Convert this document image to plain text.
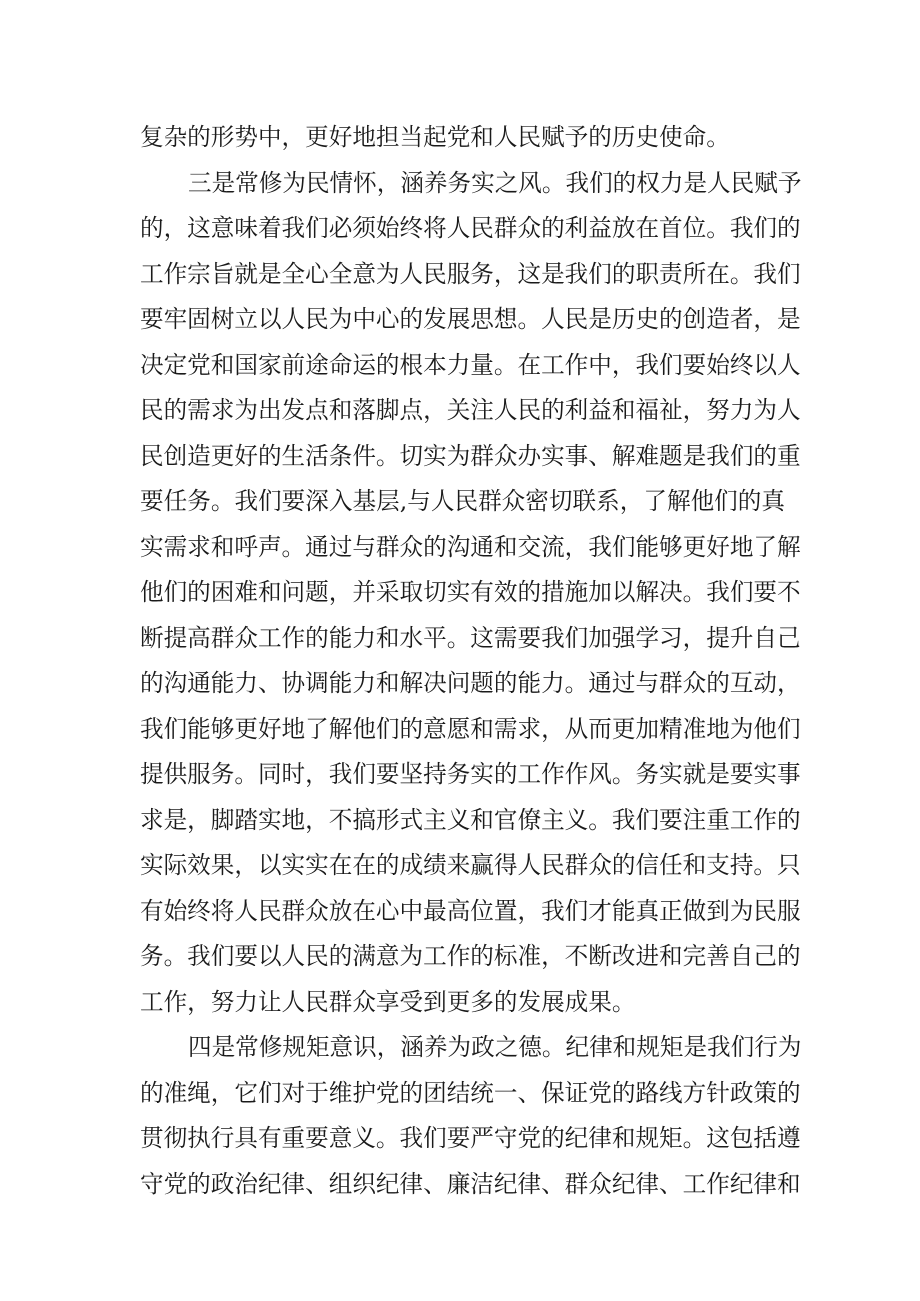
复杂的形势中，更好地担当起党和人民赋予的历史使命。
三是常修为民情怀，涵养务实之风。我们的权力是人民赋予
的，这意味着我们必须始终将人民群众的利益放在首位。我们的
工作宗旨就是全心全意为人民服务，这是我们的职责所在。我们
要牢固树立以人民为中心的发展思想。人民是历史的创造者，是
决定党和国家前途命运的根本力量。在工作中，我们要始终以人
民的需求为出发点和落脚点，关注人民的利益和福祉，努力为人
民创造更好的生活条件。切实为群众办实事、解难题是我们的重
要任务。我们要深入基层,与人民群众密切联系，了解他们的真
实需求和呼声。通过与群众的沟通和交流，我们能够更好地了解
他们的困难和问题，并采取切实有效的措施加以解决。我们要不
断提高群众工作的能力和水平。这需要我们加强学习，提升自己
的沟通能力、协调能力和解决问题的能力。通过与群众的互动，
我们能够更好地了解他们的意愿和需求，从而更加精准地为他们
提供服务。同时，我们要坚持务实的工作作风。务实就是要实事
求是，脚踏实地，不搞形式主义和官僚主义。我们要注重工作的
实际效果，以实实在在的成绩来赢得人民群众的信任和支持。只
有始终将人民群众放在心中最高位置，我们才能真正做到为民服
务。我们要以人民的满意为工作的标准，不断改进和完善自己的
工作，努力让人民群众享受到更多的发展成果。
四是常修规矩意识，涵养为政之德。纪律和规矩是我们行为
的准绳，它们对于维护党的团结统一、保证党的路线方针政策的
贯彻执行具有重要意义。我们要严守党的纪律和规矩。这包括遵
守党的政治纪律、组织纪律、廉洁纪律、群众纪律、工作纪律和
